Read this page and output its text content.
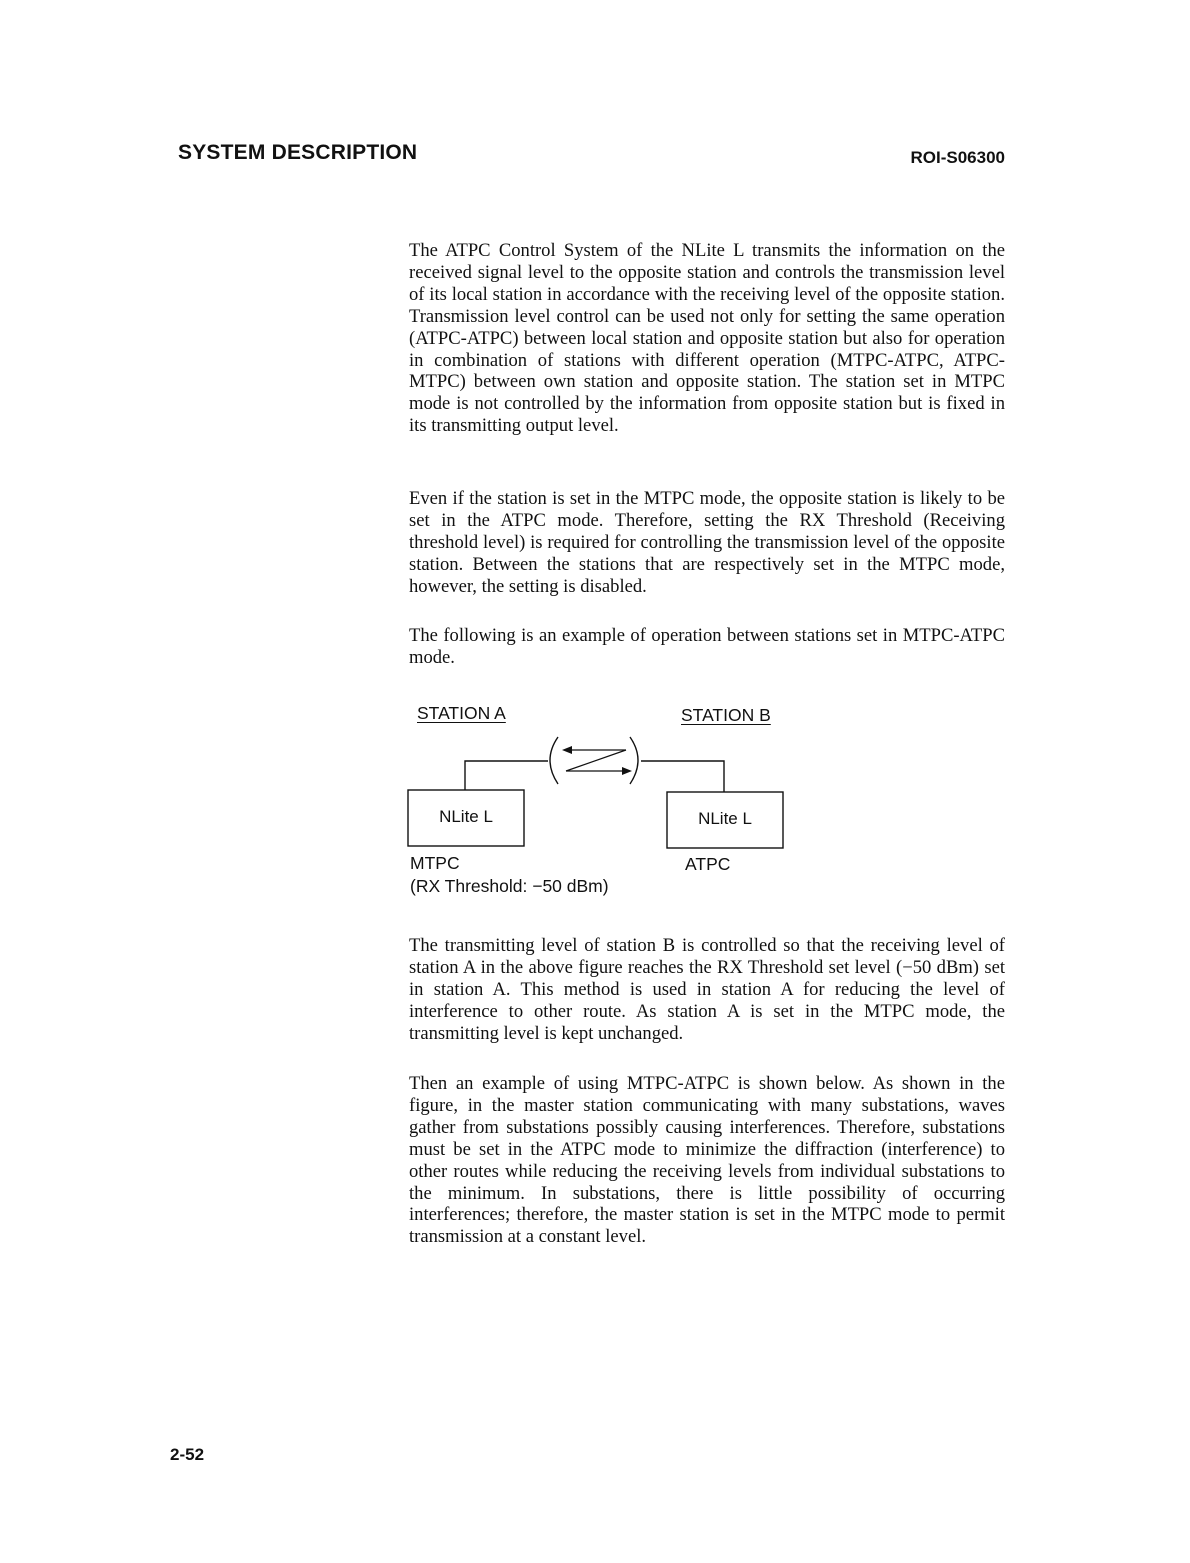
SYSTEM DESCRIPTION	ROI-S06300

The ATPC Control System of the NLite L transmits the information on the received signal level to the opposite station and controls the transmission level of its local station in accordance with the receiving level of the opposite station. Transmission level control can be used not only for setting the same operation (ATPC-ATPC) between local station and opposite station but also for operation in combination of stations with different operation (MTPC-ATPC, ATPC-MTPC) between own station and opposite station. The station set in MTPC mode is not controlled by the information from opposite station but is fixed in its transmitting output level.

Even if the station is set in the MTPC mode, the opposite station is likely to be set in the ATPC mode. Therefore, setting the RX Threshold (Receiving threshold level) is required for controlling the transmission level of the opposite station. Between the stations that are respectively set in the MTPC mode, however, the setting is disabled.

The following is an example of operation between stations set in MTPC-ATPC mode.

STATION A	STATION B
NLite L	NLite L
MTPC
(RX Threshold: −50 dBm)
ATPC

The transmitting level of station B is controlled so that the receiving level of station A in the above figure reaches the RX Threshold set level (−50 dBm) set in station A. This method is used in station A for reducing the level of interference to other route. As station A is set in the MTPC mode, the transmitting level is kept unchanged.

Then an example of using MTPC-ATPC is shown below. As shown in the figure, in the master station communicating with many substations, waves gather from substations possibly causing interferences. Therefore, substations must be set in the ATPC mode to minimize the diffraction (interference) to other routes while reducing the receiving levels from individual substations to the minimum. In substations, there is little possibility of occurring interferences; therefore, the master station is set in the MTPC mode to permit transmission at a constant level.

2-52
